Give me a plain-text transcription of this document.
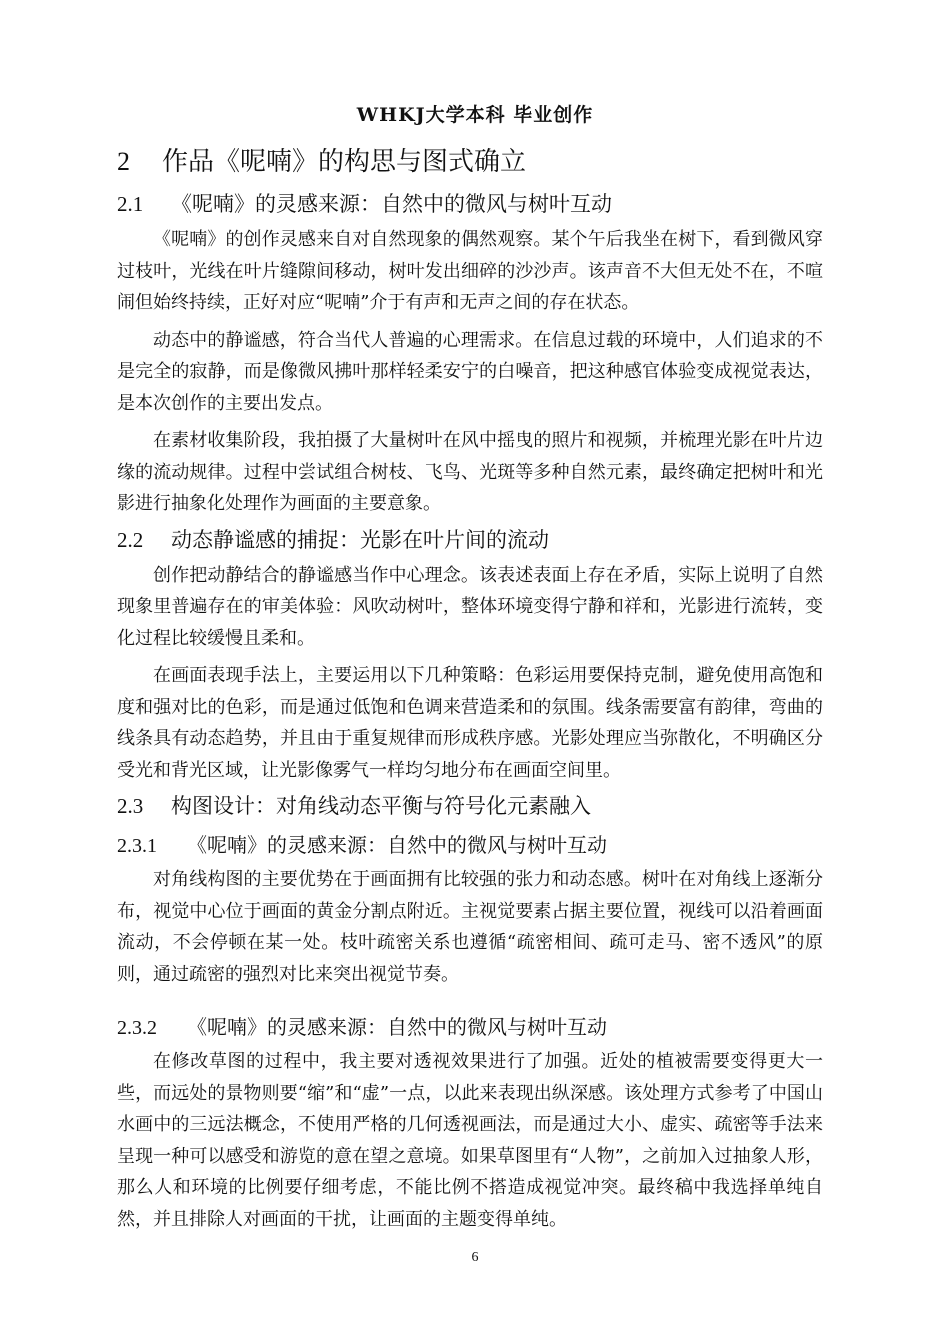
WHKJ大学本科 毕业创作
2 作品《呢喃》的构思与图式确立
2.1 《呢喃》的灵感来源：自然中的微风与树叶互动

《呢喃》的创作灵感来自对自然现象的偶然观察。某个午后我坐在树下，看到微风穿过枝叶，光线在叶片缝隙间移动，树叶发出细碎的沙沙声。该声音不大但无处不在，不喧闹但始终持续，正好对应“呢喃”介于有声和无声之间的存在状态。

动态中的静谧感，符合当代人普遍的心理需求。在信息过载的环境中，人们追求的不是完全的寂静，而是像微风拂叶那样轻柔安宁的白噪音，把这种感官体验变成视觉表达，是本次创作的主要出发点。

在素材收集阶段，我拍摄了大量树叶在风中摇曳的照片和视频，并梳理光影在叶片边缘的流动规律。过程中尝试组合树枝、飞鸟、光斑等多种自然元素，最终确定把树叶和光影进行抽象化处理作为画面的主要意象。

2.2 动态静谧感的捕捉：光影在叶片间的流动

创作把动静结合的静谧感当作中心理念。该表述表面上存在矛盾，实际上说明了自然现象里普遍存在的审美体验：风吹动树叶，整体环境变得宁静和祥和，光影进行流转，变化过程比较缓慢且柔和。

在画面表现手法上，主要运用以下几种策略：色彩运用要保持克制，避免使用高饱和度和强对比的色彩，而是通过低饱和色调来营造柔和的氛围。线条需要富有韵律，弯曲的线条具有动态趋势，并且由于重复规律而形成秩序感。光影处理应当弥散化，不明确区分受光和背光区域，让光影像雾气一样均匀地分布在画面空间里。

2.3 构图设计：对角线动态平衡与符号化元素融入
2.3.1 《呢喃》的灵感来源：自然中的微风与树叶互动

对角线构图的主要优势在于画面拥有比较强的张力和动态感。树叶在对角线上逐渐分布，视觉中心位于画面的黄金分割点附近。主视觉要素占据主要位置，视线可以沿着画面流动，不会停顿在某一处。枝叶疏密关系也遵循“疏密相间、疏可走马、密不透风”的原则，通过疏密的强烈对比来突出视觉节奏。

2.3.2 《呢喃》的灵感来源：自然中的微风与树叶互动

在修改草图的过程中，我主要对透视效果进行了加强。近处的植被需要变得更大一些，而远处的景物则要“缩”和“虚”一点，以此来表现出纵深感。该处理方式参考了中国山水画中的三远法概念，不使用严格的几何透视画法，而是通过大小、虚实、疏密等手法来呈现一种可以感受和游览的意在望之意境。如果草图里有“人物”，之前加入过抽象人形，那么人和环境的比例要仔细考虑，不能比例不搭造成视觉冲突。最终稿中我选择单纯自然，并且排除人对画面的干扰，让画面的主题变得单纯。

6
